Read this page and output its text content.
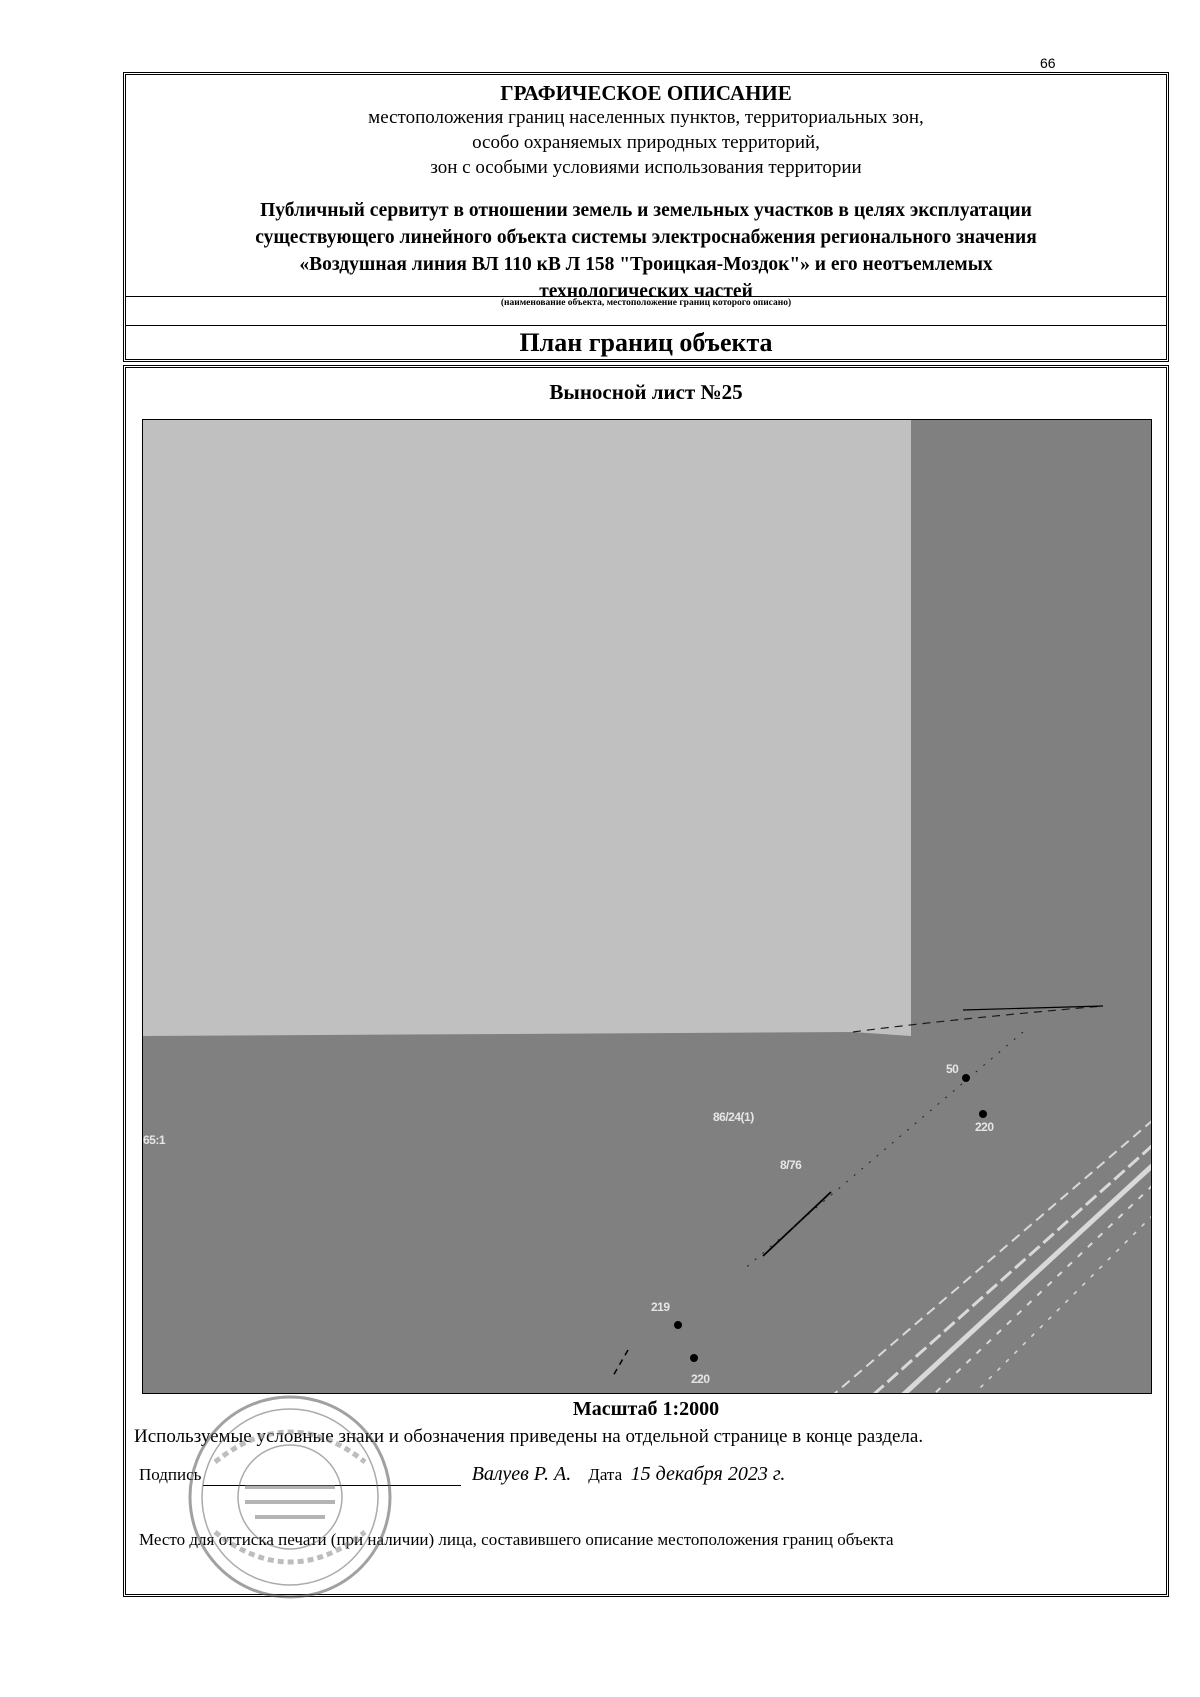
66
ГРАФИЧЕСКОЕ ОПИСАНИЕ
местоположения границ населенных пунктов, территориальных зон,
особо охраняемых природных территорий,
зон с особыми условиями использования территории
Публичный сервитут в отношении земель и земельных участков в целях эксплуатации
существующего линейного объекта системы электроснабжения регионального значения
«Воздушная линия ВЛ 110 кВ Л 158 "Троицкая-Моздок"» и его неотъемлемых
технологических частей
(наименование объекта, местоположение границ которого описано)
План границ объекта
Выносной лист №25
86/24(1)
65:1
8/76
50
220
219
220
Масштаб 1:2000
Используемые условные знаки и обозначения приведены на отдельной странице в конце раздела.
Подпись	Валуев Р. А. Дата 15 декабря 2023 г.
Место для оттиска печати (при наличии) лица, составившего описание местоположения границ объекта
